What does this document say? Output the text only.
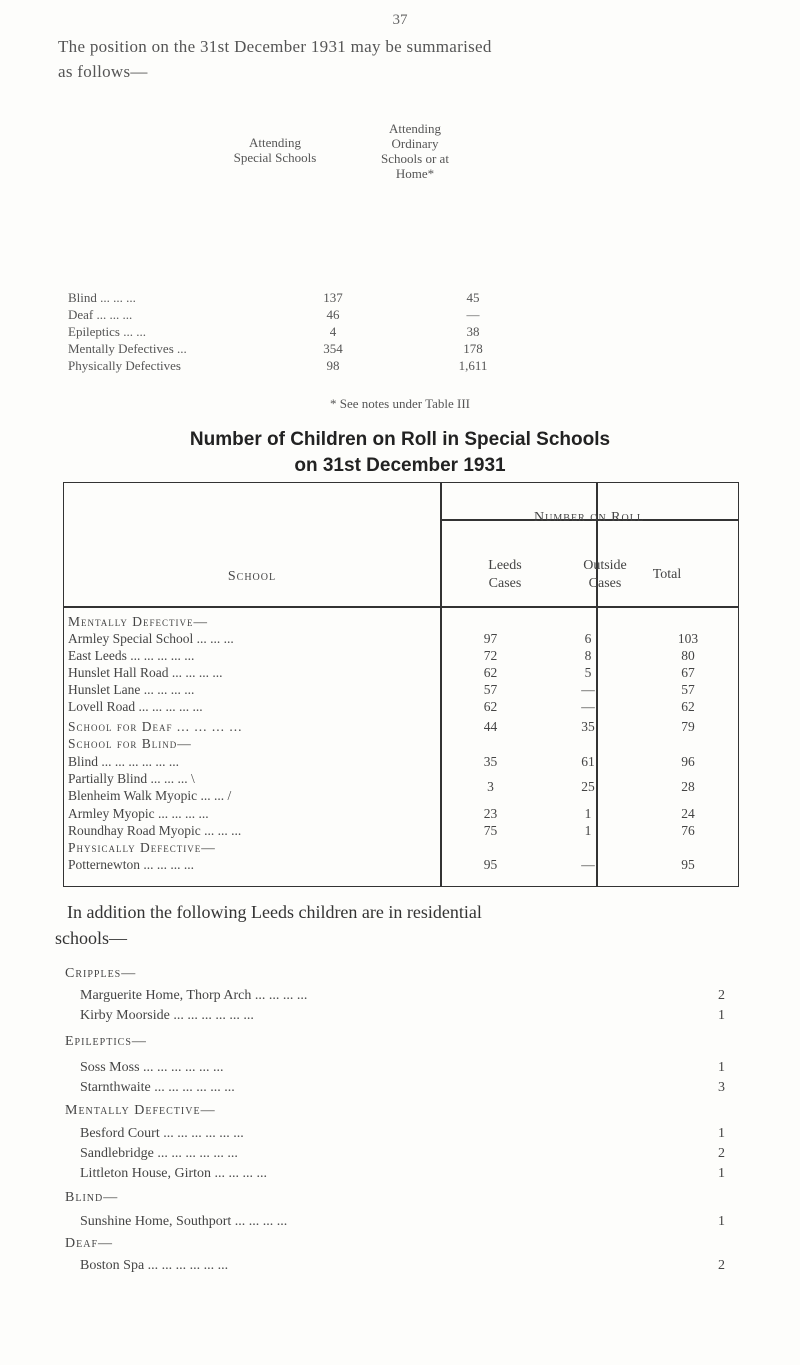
37
The position on the 31st December 1931 may be summarised
as follows—
Attending
Special Schools
Attending
Ordinary
Schools or at
Home*
Blind ... ... ...	137	45
Deaf ... ... ...	46	—
Epileptics ... ...	4	38
Mentally Defectives ...	354	178
Physically Defectives	98	1,611
* See notes under Table III
Number of Children on Roll in Special Schools
on 31st December 1931
School
Number on Roll
Leeds
Cases
Outside
Cases
Total
Mentally Defective—
Armley Special School ... ... ...	97	6	103
East Leeds ... ... ... ... ...	72	8	80
Hunslet Hall Road ... ... ... ...	62	5	67
Hunslet Lane ... ... ... ...	57	—	57
Lovell Road ... ... ... ... ...	62	—	62
School for Deaf ... ... ... ...	44	35	79
School for Blind—
Blind ... ... ... ... ... ...	35	61	96
Partially Blind ... ... ... \
3	25	28
Blenheim Walk Myopic ... ... /
Armley Myopic ... ... ... ...	23	1	24
Roundhay Road Myopic ... ... ...	75	1	76
Physically Defective—
Potternewton ... ... ... ...	95	—	95
In addition the following Leeds children are in residential
schools—
Cripples—
Marguerite Home, Thorp Arch ... ... ... ...	2
Kirby Moorside ... ... ... ... ... ...	1
Epileptics—
Soss Moss ... ... ... ... ... ...	1
Starnthwaite ... ... ... ... ... ...	3
Mentally Defective—
Besford Court ... ... ... ... ... ...	1
Sandlebridge ... ... ... ... ... ...	2
Littleton House, Girton ... ... ... ...	1
Blind—
Sunshine Home, Southport ... ... ... ...	1
Deaf—
Boston Spa ... ... ... ... ... ...	2
